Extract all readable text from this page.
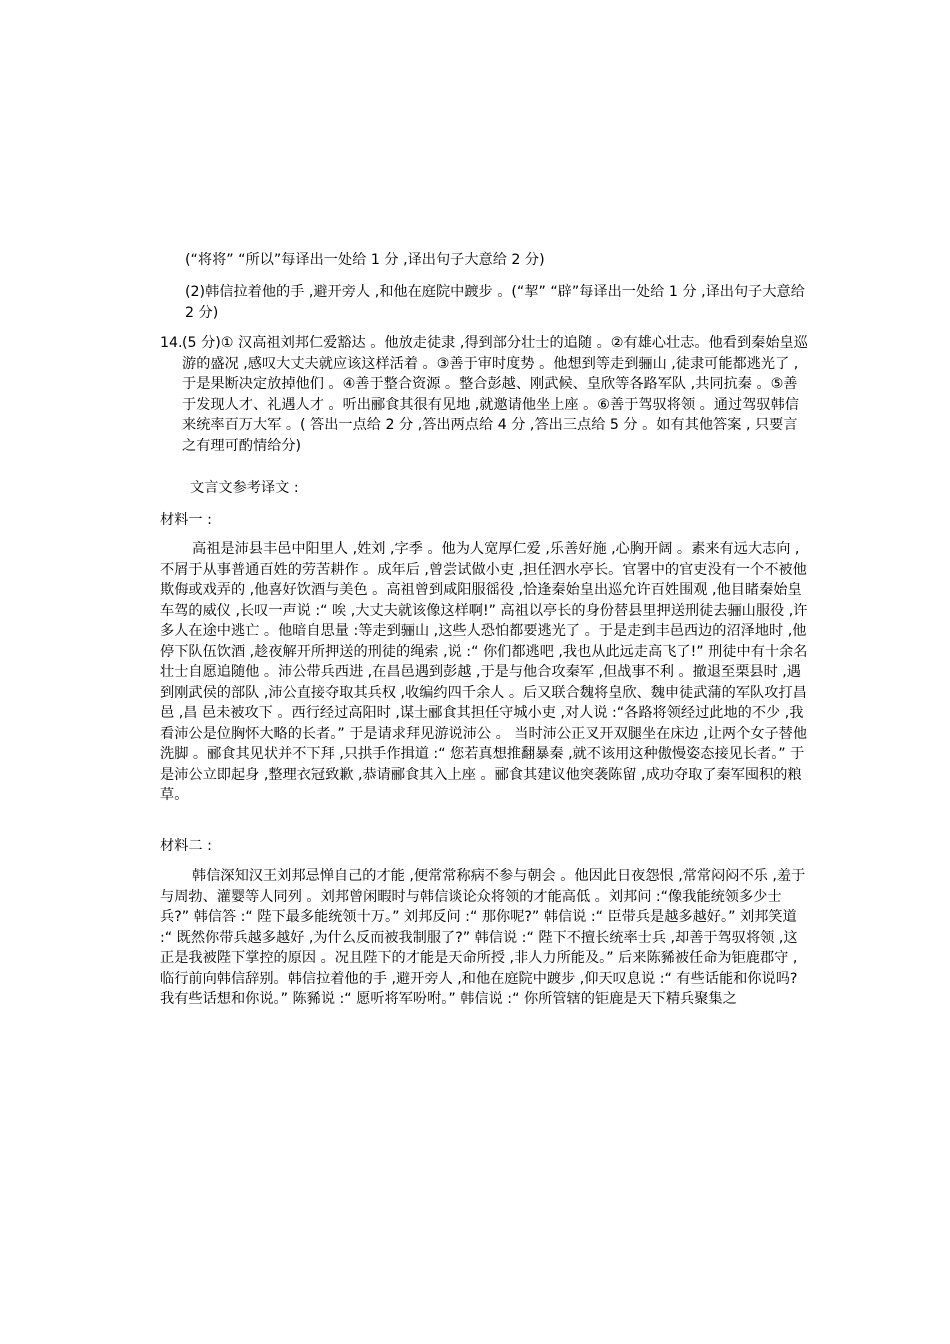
(“将将” “所以”每译出一处给 1 分 ,译出句子大意给 2 分)

(2)韩信拉着他的手 ,避开旁人 ,和他在庭院中踱步 。(“挈” “辟”每译出一处给 1 分 ,译出句子大意给 2 分)

14. (5 分)① 汉高祖刘邦仁爱豁达 。他放走徒隶 ,得到部分壮士的追随 。②有雄心壮志。他看到秦始皇巡游的盛况 ,感叹大丈夫就应该这样活着 。③善于审时度势 。他想到等走到骊山 ,徒隶可能都逃光了 ,于是果断决定放掉他们 。④善于整合资源 。整合彭越、刚武候、皇欣等各路军队 ,共同抗秦 。⑤善于发现人才、礼遇人才 。听出郦食其很有见地 ,就邀请他坐上座 。⑥善于驾驭将领 。通过驾驭韩信来统率百万大军 。( 答出一点给 2 分 ,答出两点给 4 分 ,答出三点给 5 分 。如有其他答案 , 只要言之有理可酌情给分)

文言文参考译文 :

材料一 :

高祖是沛县丰邑中阳里人 ,姓刘 ,字季 。他为人宽厚仁爱 ,乐善好施 ,心胸开阔 。素来有远大志向 ,不屑于从事普通百姓的劳苦耕作 。成年后 ,曾尝试做小吏 ,担任泗水亭长。官署中的官吏没有一个不被他欺侮或戏弄的 ,他喜好饮酒与美色 。高祖曾到咸阳服徭役 ,恰逢秦始皇出巡允许百姓围观 ,他目睹秦始皇车驾的威仪 ,长叹一声说 :“ 唉 ,大丈夫就该像这样啊!” 高祖以亭长的身份替县里押送刑徒去骊山服役 ,许多人在途中逃亡 。他暗自思量 :等走到骊山 ,这些人恐怕都要逃光了 。于是走到丰邑西边的沼泽地时 ,他停下队伍饮酒 ,趁夜解开所押送的刑徒的绳索 ,说 :“ 你们都逃吧 ,我也从此远走高飞了!” 刑徒中有十余名壮士自愿追随他 。沛公带兵西进 ,在昌邑遇到彭越 ,于是与他合攻秦军 ,但战事不利 。撤退至栗县时 ,遇到刚武侯的部队 ,沛公直接夺取其兵权 ,收编约四千余人 。后又联合魏将皇欣、魏申徒武蒲的军队攻打昌邑 ,昌 邑未被攻下 。西行经过高阳时 ,谋士郦食其担任守城小吏 ,对人说 :“各路将领经过此地的不少 ,我看沛公是位胸怀大略的长者。” 于是请求拜见游说沛公 。 当时沛公正叉开双腿坐在床边 ,让两个女子替他洗脚 。郦食其见状并不下拜 ,只拱手作揖道 :“ 您若真想推翻暴秦 ,就不该用这种傲慢姿态接见长者。” 于是沛公立即起身 ,整理衣冠致歉 ,恭请郦食其入上座 。郦食其建议他突袭陈留 ,成功夺取了秦军囤积的粮草。

材料二 :

韩信深知汉王刘邦忌惮自己的才能 ,便常常称病不参与朝会 。他因此日夜怨恨 ,常常闷闷不乐 ,羞于与周勃、灌婴等人同列 。刘邦曾闲暇时与韩信谈论众将领的才能高低 。刘邦问 :“像我能统领多少士兵?” 韩信答 :“ 陛下最多能统领十万。” 刘邦反问 :“ 那你呢?” 韩信说 :“ 臣带兵是越多越好。” 刘邦笑道 :“ 既然你带兵越多越好 ,为什么反而被我制服了?” 韩信说 :“ 陛下不擅长统率士兵 ,却善于驾驭将领 ,这正是我被陛下掌控的原因 。况且陛下的才能是天命所授 ,非人力所能及。” 后来陈豨被任命为钜鹿郡守 ,临行前向韩信辞别。韩信拉着他的手 ,避开旁人 ,和他在庭院中踱步 ,仰天叹息说 :“ 有些话能和你说吗? 我有些话想和你说。” 陈豨说 :“ 愿听将军吩咐。” 韩信说 :“ 你所管辖的钜鹿是天下精兵聚集之
